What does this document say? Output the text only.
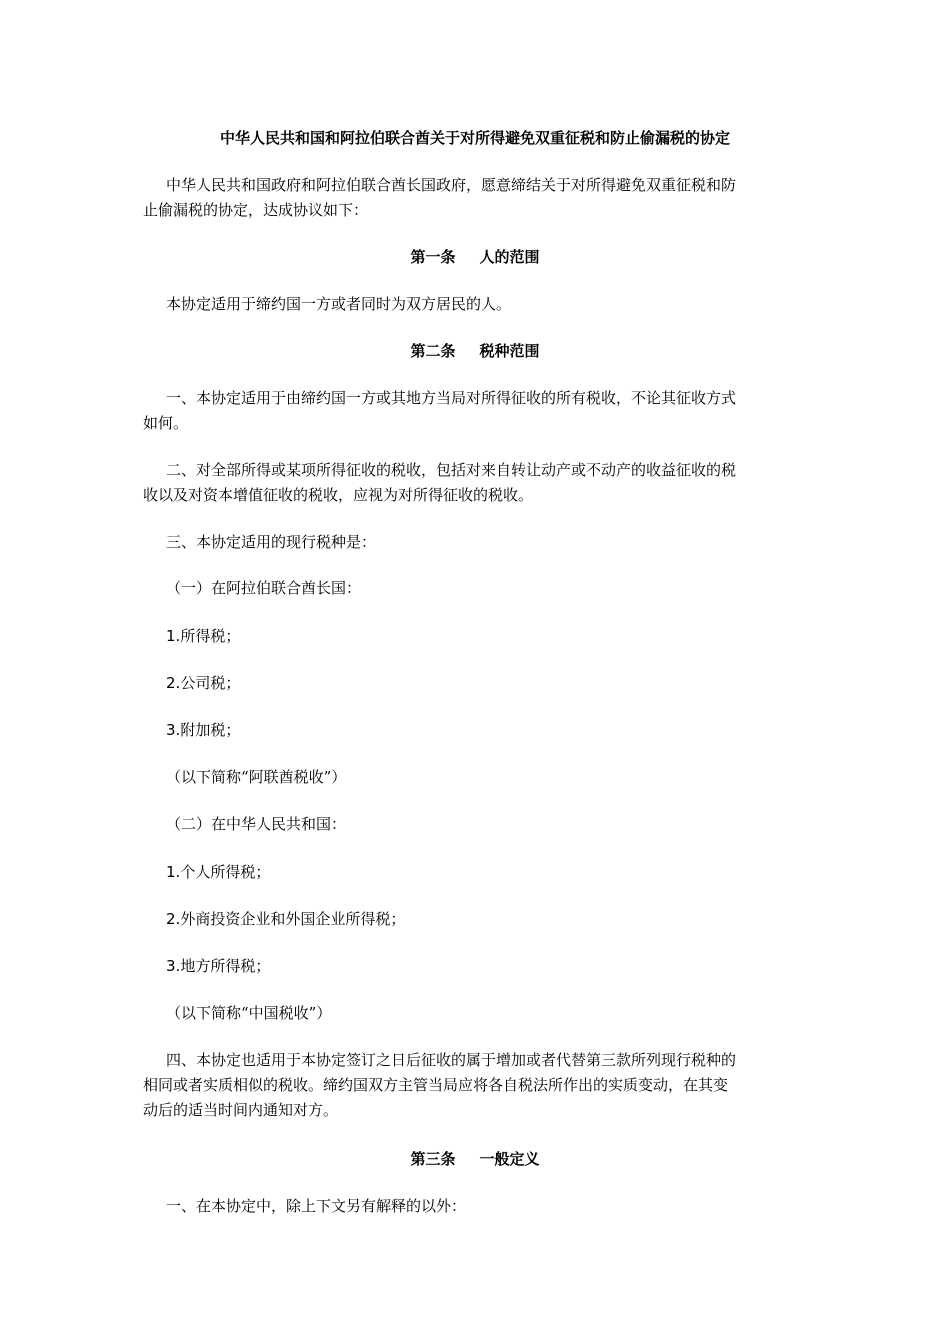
中华人民共和国和阿拉伯联合酋关于对所得避免双重征税和防止偷漏税的协定
中华人民共和国政府和阿拉伯联合酋长国政府，愿意缔结关于对所得避免双重征税和防
止偷漏税的协定，达成协议如下：
第一条 人的范围
本协定适用于缔约国一方或者同时为双方居民的人。
第二条 税种范围
一、本协定适用于由缔约国一方或其地方当局对所得征收的所有税收，不论其征收方式
如何。
二、对全部所得或某项所得征收的税收，包括对来自转让动产或不动产的收益征收的税
收以及对资本增值征收的税收，应视为对所得征收的税收。
三、本协定适用的现行税种是：
（一）在阿拉伯联合酋长国：
1.所得税；
2.公司税；
3.附加税；
（以下简称“阿联酋税收”）
（二）在中华人民共和国：
1.个人所得税；
2.外商投资企业和外国企业所得税；
3.地方所得税；
（以下简称“中国税收”）
四、本协定也适用于本协定签订之日后征收的属于增加或者代替第三款所列现行税种的
相同或者实质相似的税收。缔约国双方主管当局应将各自税法所作出的实质变动，在其变
动后的适当时间内通知对方。
第三条 一般定义
一、在本协定中，除上下文另有解释的以外：
